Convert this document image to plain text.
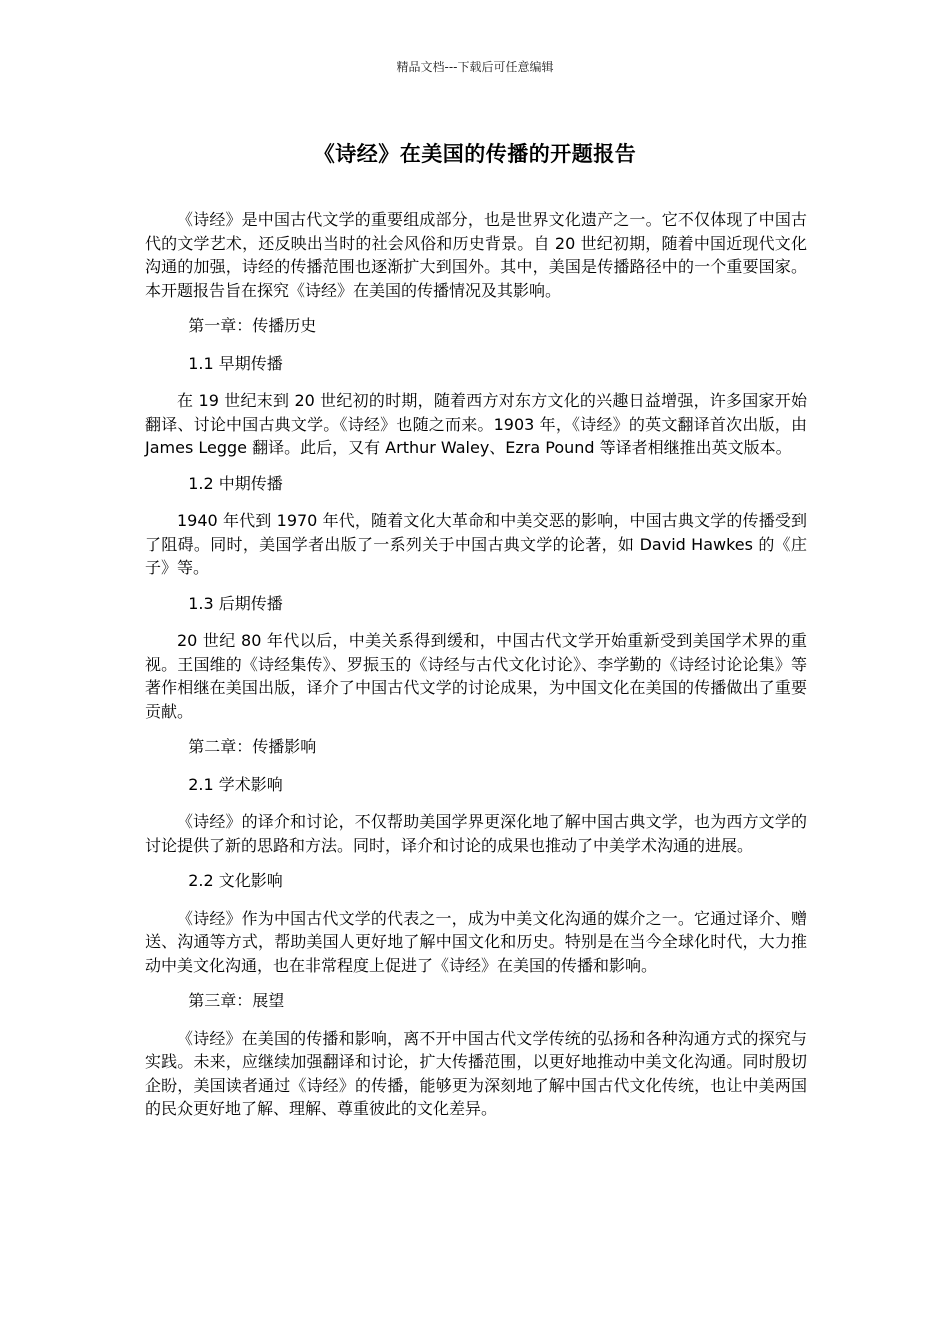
精品文档---下载后可任意编辑
《诗经》在美国的传播的开题报告

《诗经》是中国古代文学的重要组成部分，也是世界文化遗产之一。它不仅体现了中国古代的文学艺术，还反映出当时的社会风俗和历史背景。自 20 世纪初期，随着中国近现代文化沟通的加强，诗经的传播范围也逐渐扩大到国外。其中，美国是传播路径中的一个重要国家。本开题报告旨在探究《诗经》在美国的传播情况及其影响。

第一章：传播历史

1.1 早期传播

在 19 世纪末到 20 世纪初的时期，随着西方对东方文化的兴趣日益增强，许多国家开始翻译、讨论中国古典文学。《诗经》也随之而来。1903 年，《诗经》的英文翻译首次出版，由 James Legge 翻译。此后，又有 Arthur Waley、Ezra Pound 等译者相继推出英文版本。

1.2 中期传播

1940 年代到 1970 年代，随着文化大革命和中美交恶的影响，中国古典文学的传播受到了阻碍。同时，美国学者出版了一系列关于中国古典文学的论著，如 David Hawkes 的《庄子》等。

1.3 后期传播

20 世纪 80 年代以后，中美关系得到缓和，中国古代文学开始重新受到美国学术界的重视。王国维的《诗经集传》、罗振玉的《诗经与古代文化讨论》、李学勤的《诗经讨论论集》等著作相继在美国出版，译介了中国古代文学的讨论成果，为中国文化在美国的传播做出了重要贡献。

第二章：传播影响

2.1 学术影响

《诗经》的译介和讨论，不仅帮助美国学界更深化地了解中国古典文学，也为西方文学的讨论提供了新的思路和方法。同时，译介和讨论的成果也推动了中美学术沟通的进展。

2.2 文化影响

《诗经》作为中国古代文学的代表之一，成为中美文化沟通的媒介之一。它通过译介、赠送、沟通等方式，帮助美国人更好地了解中国文化和历史。特别是在当今全球化时代，大力推动中美文化沟通，也在非常程度上促进了《诗经》在美国的传播和影响。

第三章：展望

《诗经》在美国的传播和影响，离不开中国古代文学传统的弘扬和各种沟通方式的探究与实践。未来，应继续加强翻译和讨论，扩大传播范围，以更好地推动中美文化沟通。同时殷切企盼，美国读者通过《诗经》的传播，能够更为深刻地了解中国古代文化传统，也让中美两国的民众更好地了解、理解、尊重彼此的文化差异。
